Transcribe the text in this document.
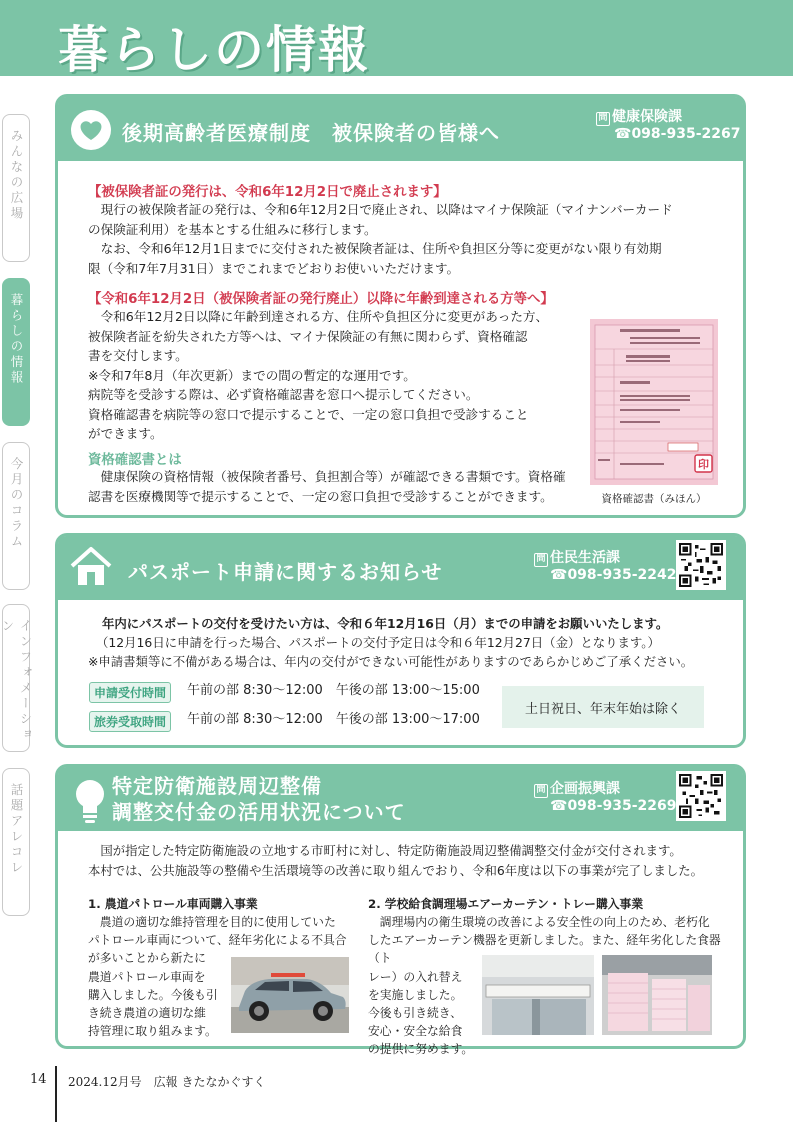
暮らしの情報
みんなの広場
暮らしの情報
今月のコラム
インフォメーション
話題アレコレ
後期高齢者医療制度　被保険者の皆様へ
問 健康保険課
☎098-935-2267
【被保険者証の発行は、令和6年12月2日で廃止されます】
現行の被保険者証の発行は、令和6年12月2日で廃止され、以降はマイナ保険証（マイナンバーカード
の保険証利用）を基本とする仕組みに移行します。
なお、令和6年12月1日までに交付された被保険者証は、住所や負担区分等に変更がない限り有効期
限（令和7年7月31日）までこれまでどおりお使いいただけます。
【令和6年12月2日（被保険者証の発行廃止）以降に年齢到達される方等へ】
令和6年12月2日以降に年齢到達される方、住所や負担区分に変更があった方、
被保険者証を紛失された方等へは、マイナ保険証の有無に関わらず、資格確認
書を交付します。
※令和7年8月（年次更新）までの間の暫定的な運用です。
病院等を受診する際は、必ず資格確認書を窓口へ提示してください。
資格確認書を病院等の窓口で提示することで、一定の窓口負担で受診すること
ができます。
資格確認書とは
健康保険の資格情報（被保険者番号、負担割合等）が確認できる書類です。資格確
認書を医療機関等で提示することで、一定の窓口負担で受診することができます。
印
資格確認書（みほん）
パスポート申請に関するお知らせ
問 住民生活課
☎098-935-2242
年内にパスポートの交付を受けたい方は、令和６年12月16日（月）までの申請をお願いいたします。
（12月16日に申請を行った場合、パスポートの交付予定日は令和６年12月27日（金）となります。）
※申請書類等に不備がある場合は、年内の交付ができない可能性がありますのであらかじめご了承ください。
申請受付時間	午前の部 8:30～12:00　午後の部 13:00～15:00
旅券受取時間	午前の部 8:30～12:00　午後の部 13:00～17:00
土日祝日、年末年始は除く
特定防衛施設周辺整備
調整交付金の活用状況について
問 企画振興課
☎098-935-2269
国が指定した特定防衛施設の立地する市町村に対し、特定防衛施設周辺整備調整交付金が交付されます。
本村では、公共施設等の整備や生活環境等の改善に取り組んでおり、令和6年度は以下の事業が完了しました。
1. 農道パトロール車両購入事業
農道の適切な維持管理を目的に使用していた
パトロール車両について、経年劣化による不具合
が多いことから新たに
農道パトロール車両を
購入しました。今後も引
き続き農道の適切な維
持管理に取り組みます。
2. 学校給食調理場エアーカーテン・トレー購入事業
調理場内の衛生環境の改善による安全性の向上のため、老朽化
したエアーカーテン機器を更新しました。また、経年劣化した食器（ト
レー）の入れ替え
を実施しました。
今後も引き続き、
安心・安全な給食
の提供に努めます。
14 2024.12月号　広報 きたなかぐすく
